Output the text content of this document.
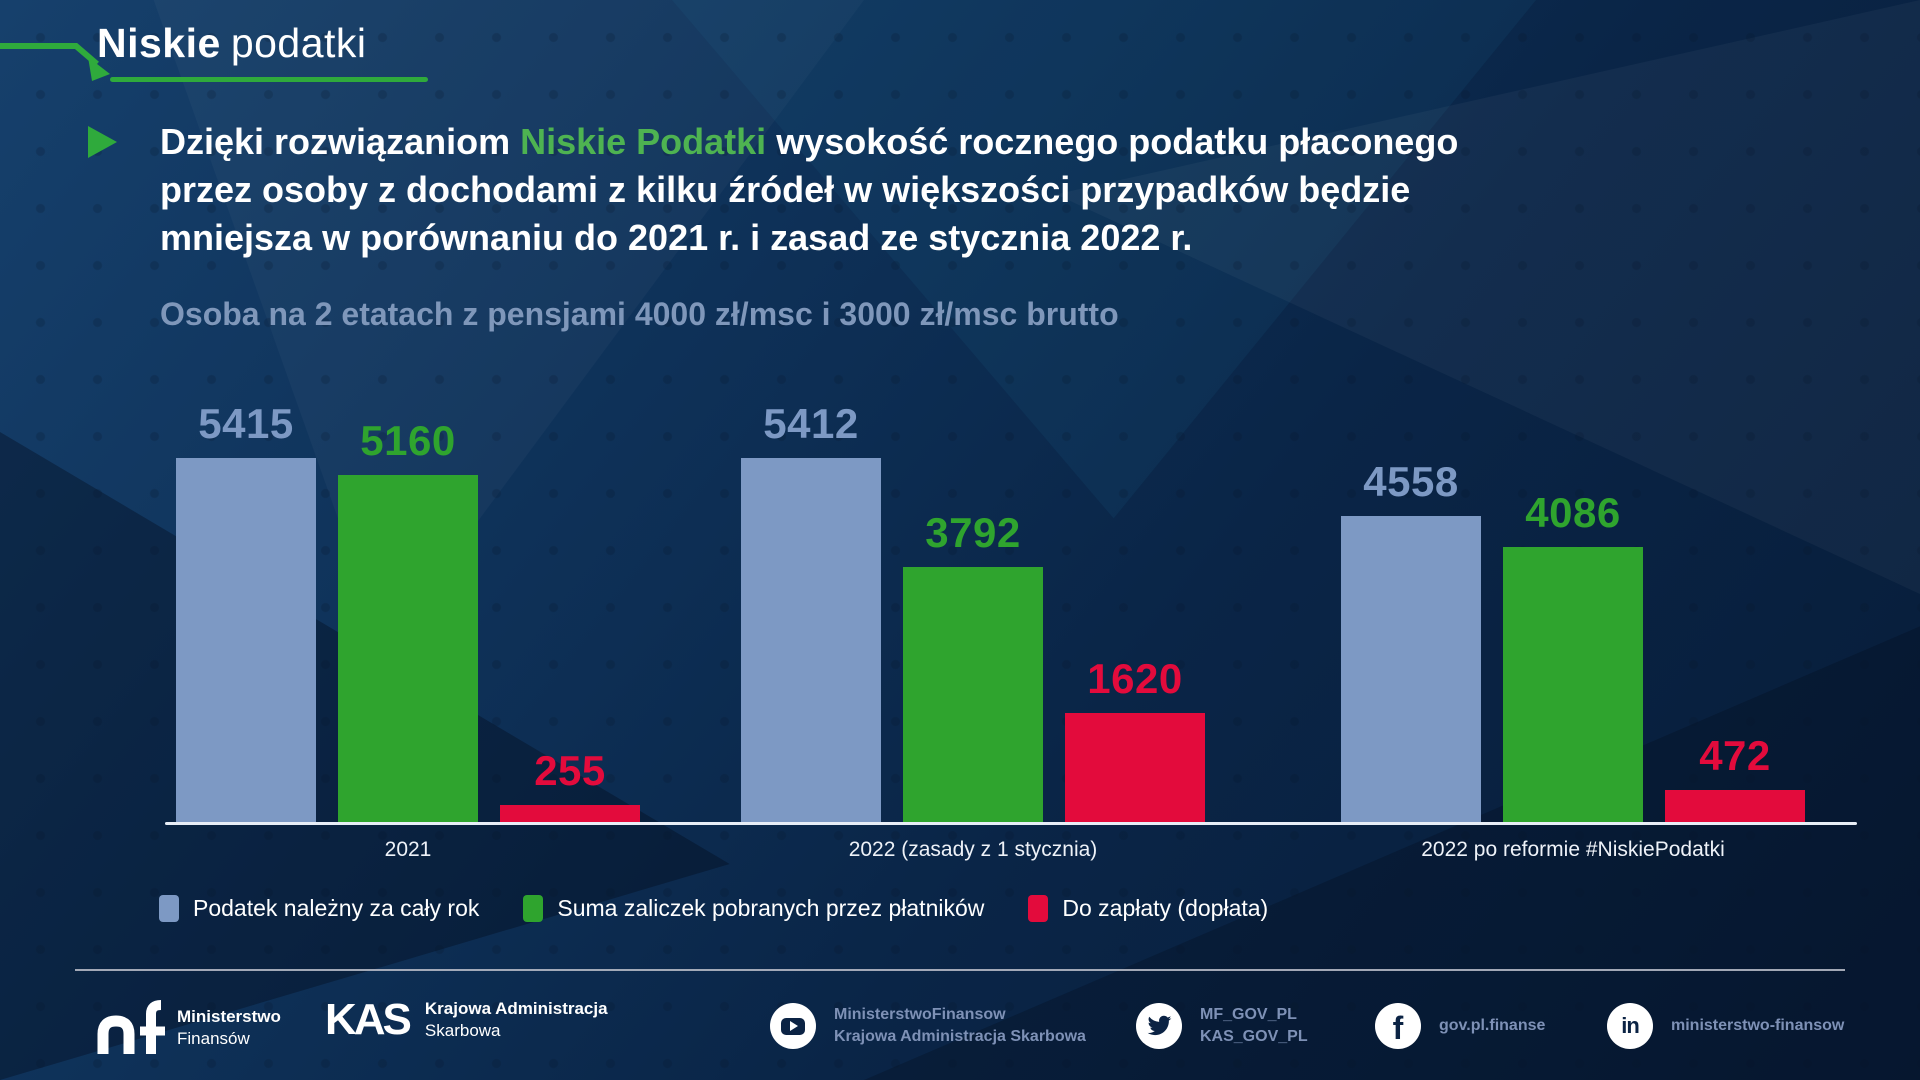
Niskie podatki
Dzięki rozwiązaniom Niskie Podatki wysokość rocznego podatku płaconego
przez osoby z dochodami z kilku źródeł w większości przypadków będzie
mniejsza w porównaniu do 2021 r. i zasad ze stycznia 2022 r.
Osoba na 2 etatach z pensjami 4000 zł/msc i 3000 zł/msc brutto
5415	5160
255
2021
5412
3792
1620
2022 (zasady z 1 stycznia)
4558
4086
472
2022 po reformie #NiskiePodatki
Podatek należny za cały rok	Suma zaliczek pobranych przez płatników	Do zapłaty (dopłata)
Ministerstwo
Finansów	KAS Krajowa Administracja
Skarbowa
MinisterstwoFinansow
Krajowa Administracja Skarbowa
MF_GOV_PL
KAS_GOV_PL	f gov.pl.finanse	in ministerstwo-finansow
